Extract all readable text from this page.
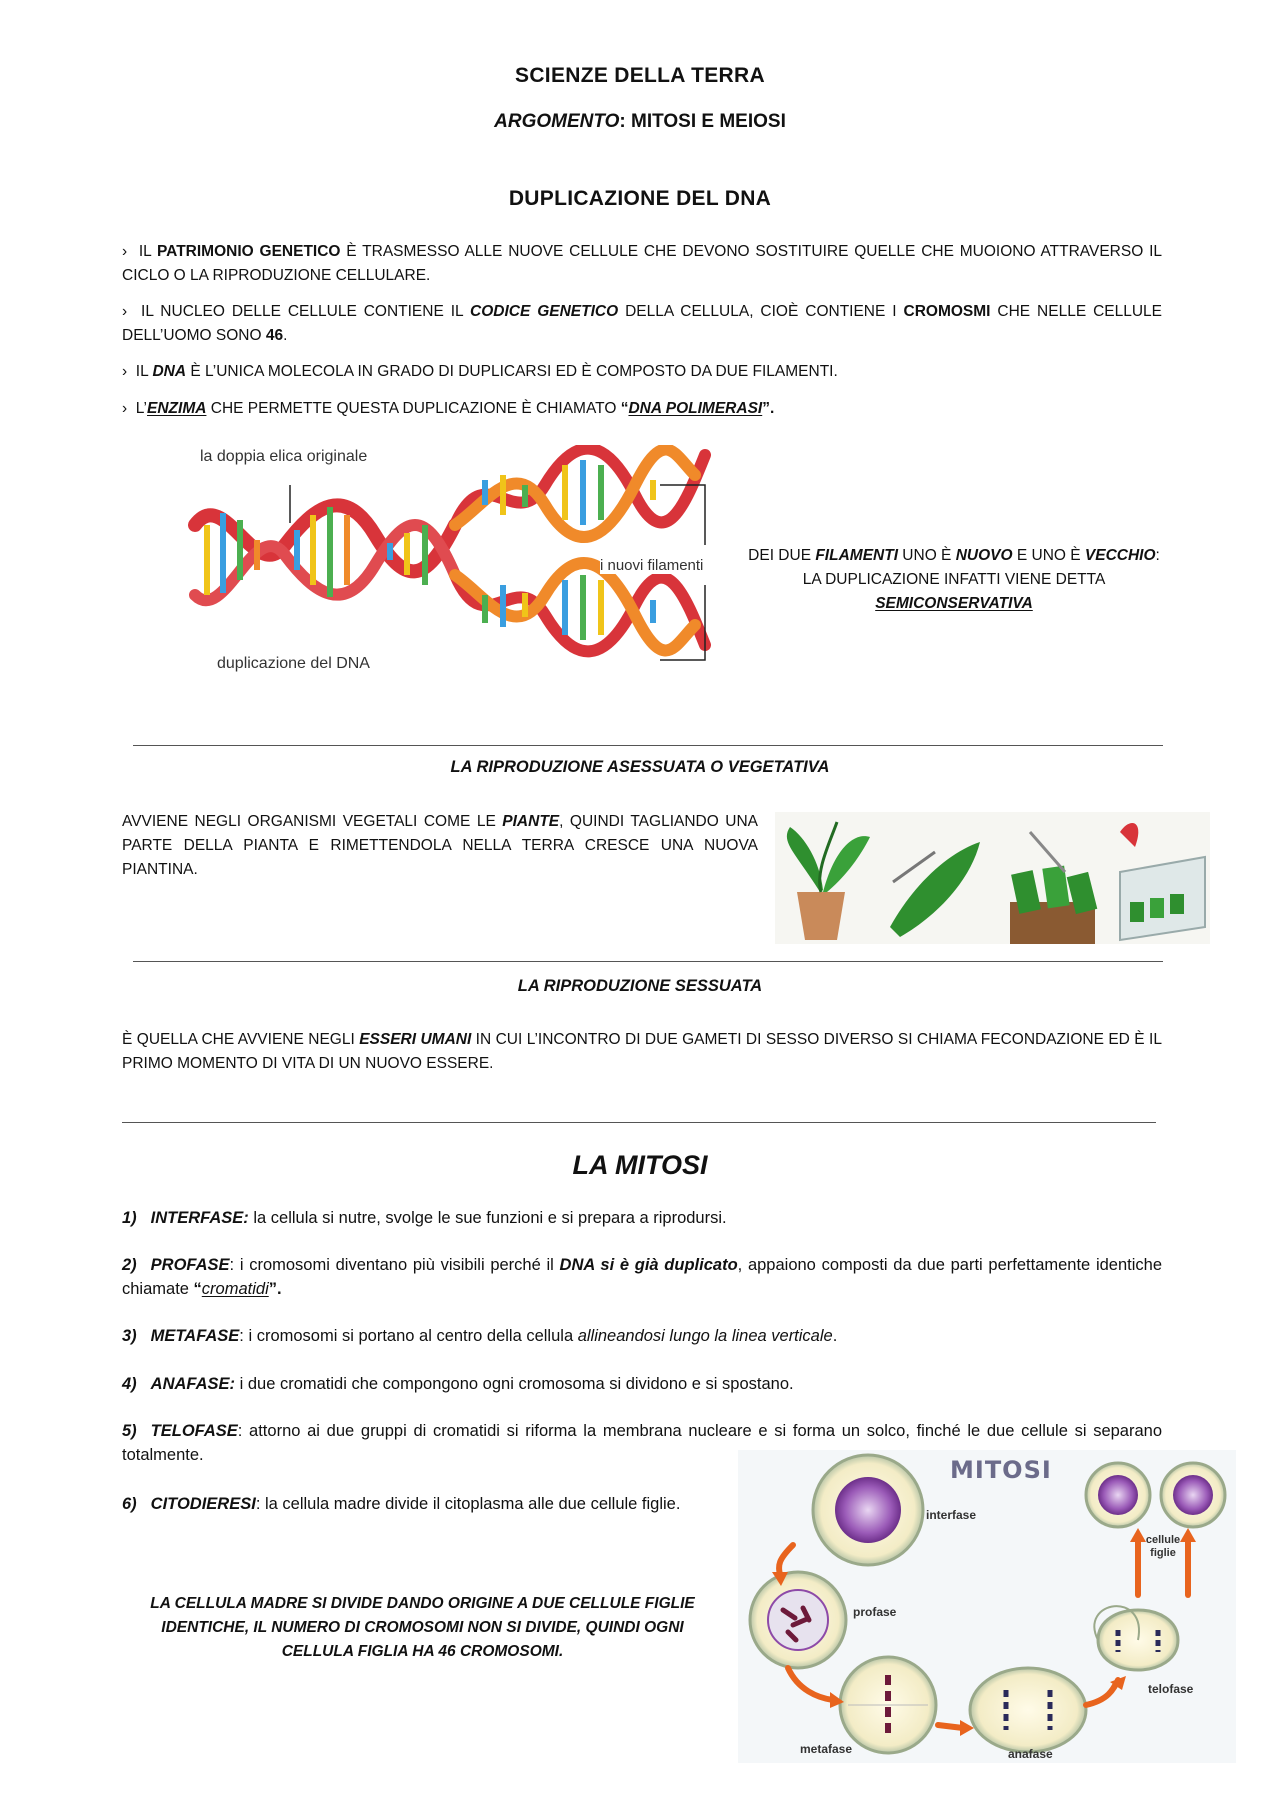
SCIENZE DELLA TERRA
ARGOMENTO: MITOSI E MEIOSI
DUPLICAZIONE DEL DNA
› IL PATRIMONIO GENETICO È TRASMESSO ALLE NUOVE CELLULE CHE DEVONO SOSTITUIRE QUELLE CHE MUOIONO ATTRAVERSO IL CICLO O LA RIPRODUZIONE CELLULARE.
› IL NUCLEO DELLE CELLULE CONTIENE IL CODICE GENETICO DELLA CELLULA, CIOÈ CONTIENE I CROMOSMI CHE NELLE CELLULE DELL’UOMO SONO 46.
› IL DNA È L’UNICA MOLECOLA IN GRADO DI DUPLICARSI ED È COMPOSTO DA DUE FILAMENTI.
› L’ENZIMA CHE PERMETTE QUESTA DUPLICAZIONE È CHIAMATO “DNA POLIMERASI”.
la doppia elica originale
i nuovi filamenti
duplicazione del DNA
DEI DUE FILAMENTI UNO È NUOVO E UNO È VECCHIO: LA DUPLICAZIONE INFATTI VIENE DETTA SEMICONSERVATIVA
LA RIPRODUZIONE ASESSUATA O VEGETATIVA
AVVIENE NEGLI ORGANISMI VEGETALI COME LE PIANTE, QUINDI TAGLIANDO UNA PARTE DELLA PIANTA E RIMETTENDOLA NELLA TERRA CRESCE UNA NUOVA PIANTINA.
LA RIPRODUZIONE SESSUATA
È QUELLA CHE AVVIENE NEGLI ESSERI UMANI IN CUI L’INCONTRO DI DUE GAMETI DI SESSO DIVERSO SI CHIAMA FECONDAZIONE ED È IL PRIMO MOMENTO DI VITA DI UN NUOVO ESSERE.
LA MITOSI
1) INTERFASE: la cellula si nutre, svolge le sue funzioni e si prepara a riprodursi.
2) PROFASE: i cromosomi diventano più visibili perché il DNA si è già duplicato, appaiono composti da due parti perfettamente identiche chiamate “cromatidi”.
3) METAFASE: i cromosomi si portano al centro della cellula allineandosi lungo la linea verticale.
4) ANAFASE: i due cromatidi che compongono ogni cromosoma si dividono e si spostano.
5) TELOFASE: attorno ai due gruppi di cromatidi si riforma la membrana nucleare e si forma un solco, finché le due cellule si separano totalmente.
6) CITODIERESI: la cellula madre divide il citoplasma alle due cellule figlie.
LA CELLULA MADRE SI DIVIDE DANDO ORIGINE A DUE CELLULE FIGLIE IDENTICHE, IL NUMERO DI CROMOSOMI NON SI DIVIDE, QUINDI OGNI CELLULA FIGLIA HA 46 CROMOSOMI.
MITOSI
interfase
profase
metafase	anafase
telofase
cellule figlie
